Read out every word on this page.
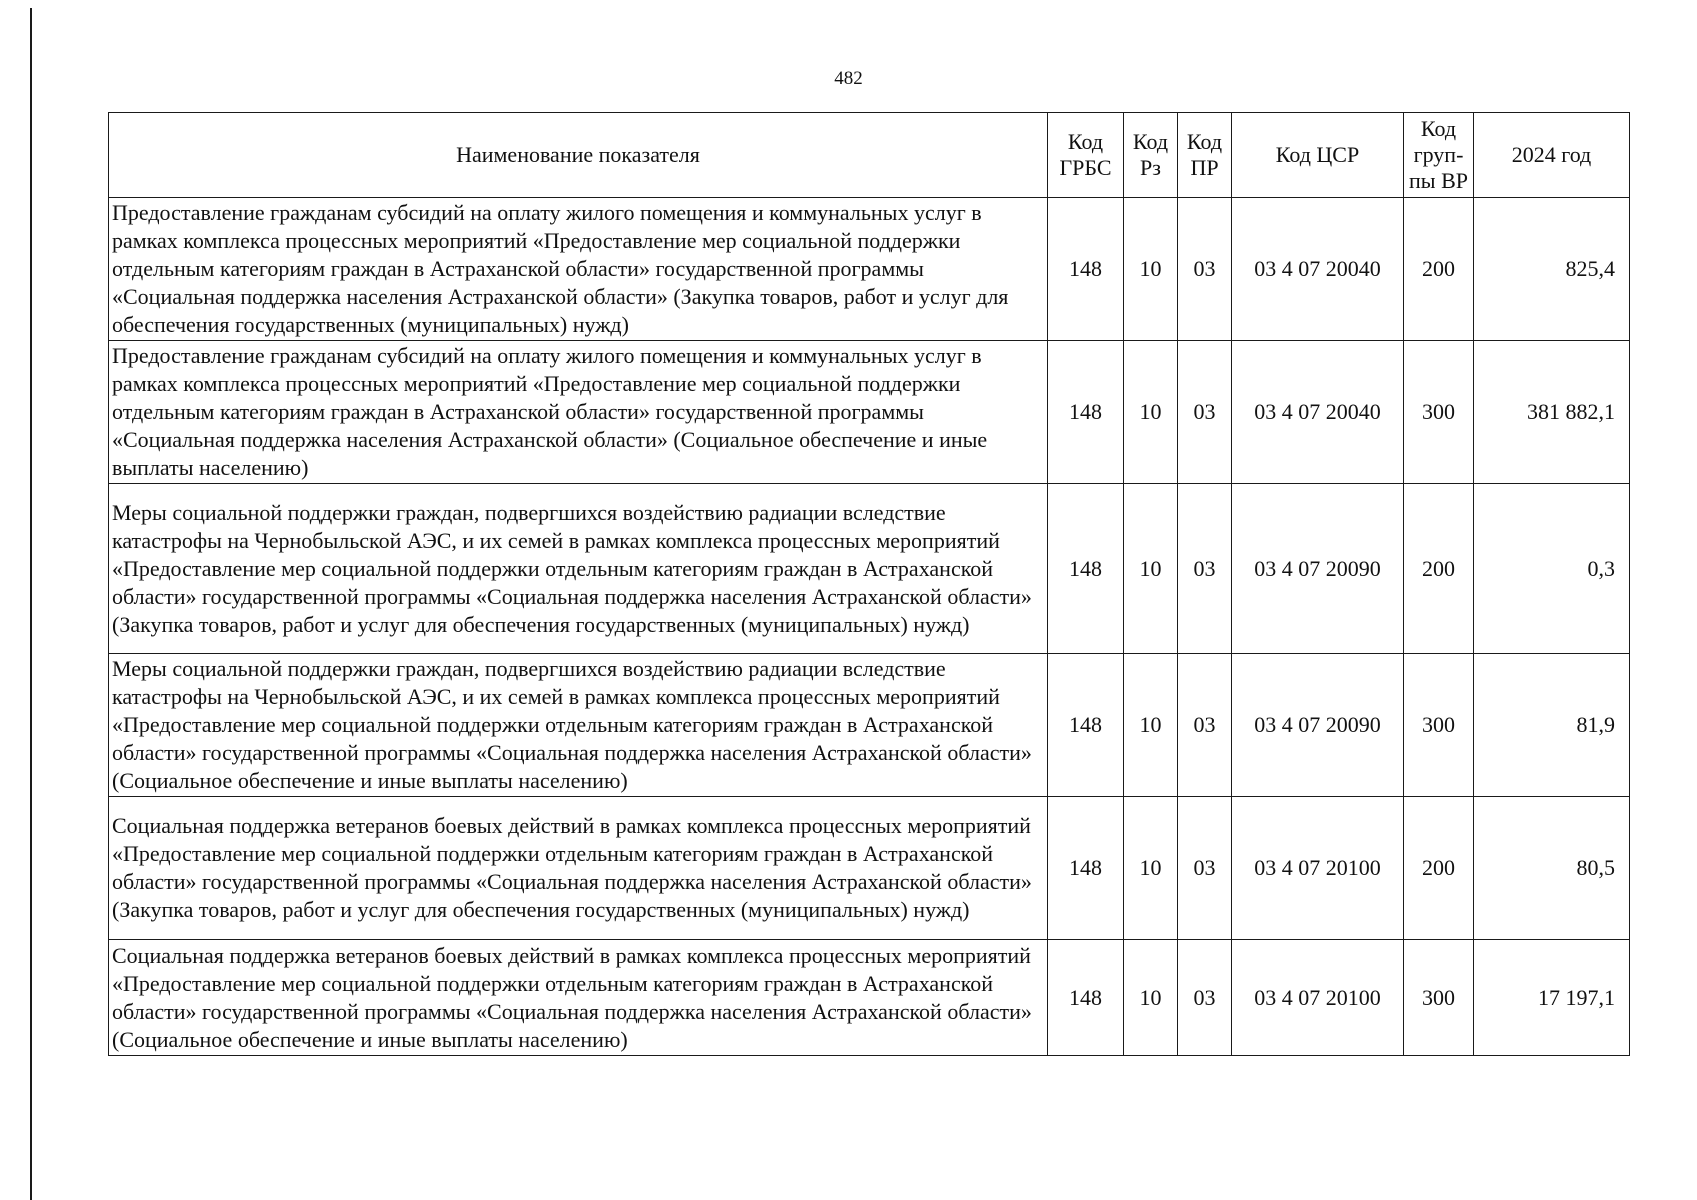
482
Наименование показателя	Код ГРБС	Код Рз	Код ПР	Код ЦСР	Код груп- пы ВР	2024 год
Предоставление гражданам субсидий на оплату жилого помещения и коммунальных услуг в рамках комплекса процессных мероприятий «Предоставление мер социальной поддержки отдельным категориям граждан в Астраханской области» государственной программы «Социальная поддержка населения Астраханской области» (Закупка товаров, работ и услуг для обеспечения государственных (муниципальных) нужд)	148	10	03	03 4 07 20040	200	825,4
Предоставление гражданам субсидий на оплату жилого помещения и коммунальных услуг в рамках комплекса процессных мероприятий «Предоставление мер социальной поддержки отдельным категориям граждан в Астраханской области» государственной программы «Социальная поддержка населения Астраханской области» (Социальное обеспечение и иные выплаты населению)	148	10	03	03 4 07 20040	300	381 882,1
Меры социальной поддержки граждан, подвергшихся воздействию радиации вследствие катастрофы на Чернобыльской АЭС, и их семей в рамках комплекса процессных мероприятий «Предоставление мер социальной поддержки отдельным категориям граждан в Астраханской области» государственной программы «Социальная поддержка населения Астраханской области» (Закупка товаров, работ и услуг для обеспечения государственных (муниципальных) нужд)	148	10	03	03 4 07 20090	200	0,3
Меры социальной поддержки граждан, подвергшихся воздействию радиации вследствие катастрофы на Чернобыльской АЭС, и их семей в рамках комплекса процессных мероприятий «Предоставление мер социальной поддержки отдельным категориям граждан в Астраханской области» государственной программы «Социальная поддержка населения Астраханской области» (Социальное обеспечение и иные выплаты населению)	148	10	03	03 4 07 20090	300	81,9
Социальная поддержка ветеранов боевых действий в рамках комплекса процессных мероприятий «Предоставление мер социальной поддержки отдельным категориям граждан в Астраханской области» государственной программы «Социальная поддержка населения Астраханской области» (Закупка товаров, работ и услуг для обеспечения государственных (муниципальных) нужд)	148	10	03	03 4 07 20100	200	80,5
Социальная поддержка ветеранов боевых действий в рамках комплекса процессных мероприятий «Предоставление мер социальной поддержки отдельным категориям граждан в Астраханской области» государственной программы «Социальная поддержка населения Астраханской области» (Социальное обеспечение и иные выплаты населению)	148	10	03	03 4 07 20100	300	17 197,1
